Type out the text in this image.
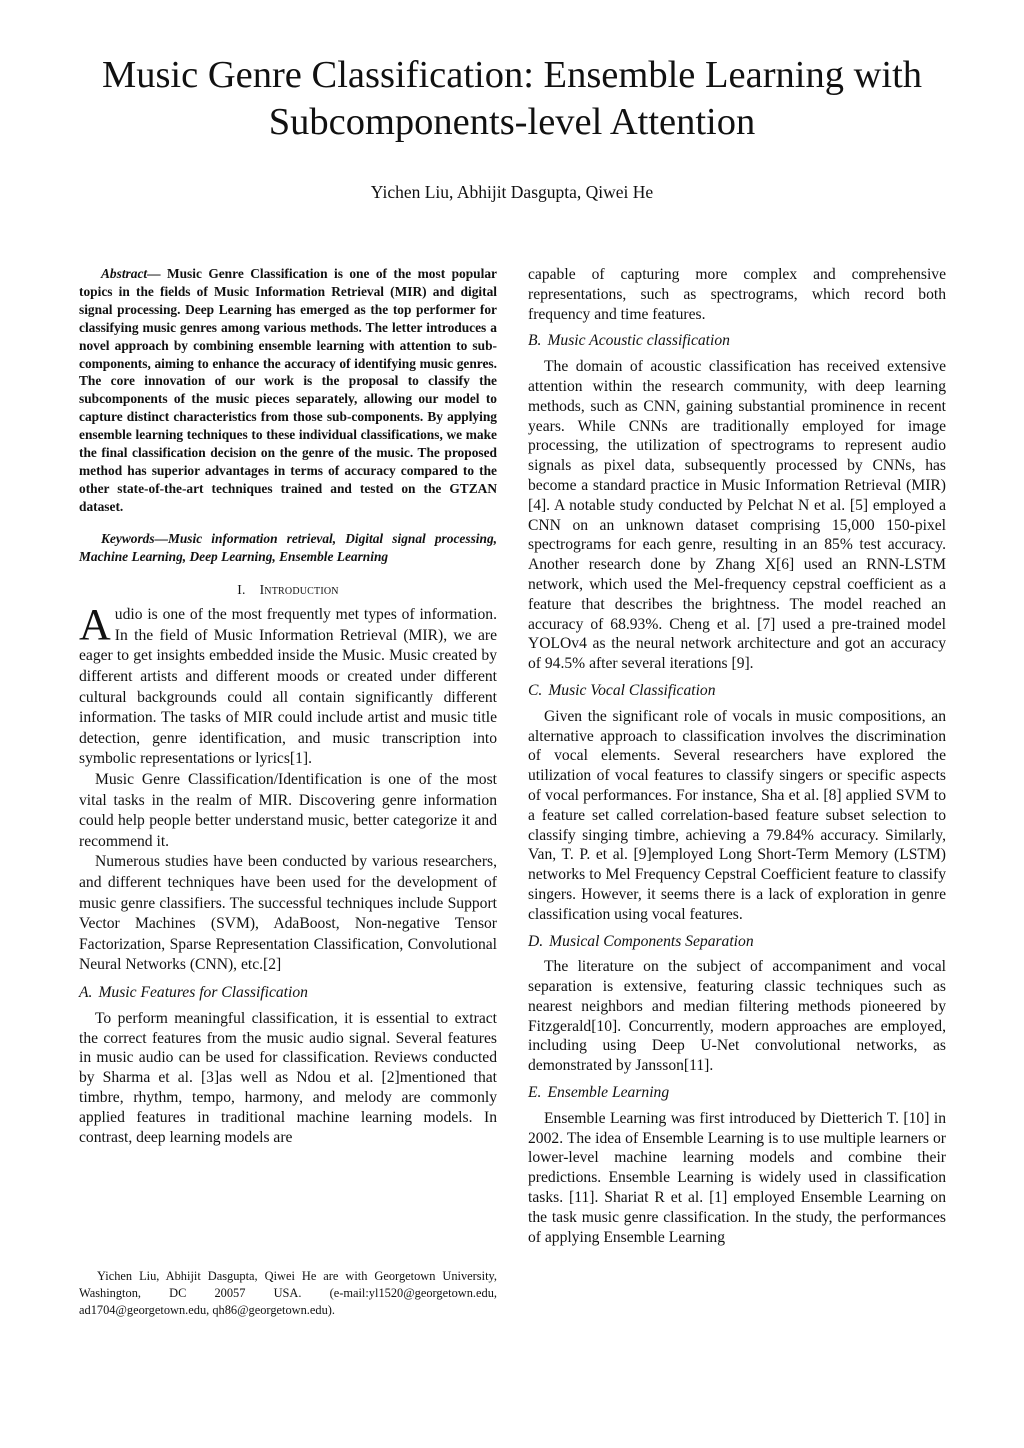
Music Genre Classification: Ensemble Learning with Subcomponents-level Attention
Yichen Liu, Abhijit Dasgupta, Qiwei He

Abstract— Music Genre Classification is one of the most popular topics in the fields of Music Information Retrieval (MIR) and digital signal processing. Deep Learning has emerged as the top performer for classifying music genres among various methods. The letter introduces a novel approach by combining ensemble learning with attention to sub-components, aiming to enhance the accuracy of identifying music genres. The core innovation of our work is the proposal to classify the subcomponents of the music pieces separately, allowing our model to capture distinct characteristics from those sub-components. By applying ensemble learning techniques to these individual classifications, we make the final classification decision on the genre of the music. The proposed method has superior advantages in terms of accuracy compared to the other state-of-the-art techniques trained and tested on the GTZAN dataset.

Keywords—Music information retrieval, Digital signal processing, Machine Learning, Deep Learning, Ensemble Learning

I. Introduction

Audio is one of the most frequently met types of information. In the field of Music Information Retrieval (MIR), we are eager to get insights embedded inside the Music. Music created by different artists and different moods or created under different cultural backgrounds could all contain significantly different information. The tasks of MIR could include artist and music title detection, genre identification, and music transcription into symbolic representations or lyrics[1].

Music Genre Classification/Identification is one of the most vital tasks in the realm of MIR. Discovering genre information could help people better understand music, better categorize it and recommend it.

Numerous studies have been conducted by various researchers, and different techniques have been used for the development of music genre classifiers. The successful techniques include Support Vector Machines (SVM), AdaBoost, Non-negative Tensor Factorization, Sparse Representation Classification, Convolutional Neural Networks (CNN), etc.[2]

A. Music Features for Classification

To perform meaningful classification, it is essential to extract the correct features from the music audio signal. Several features in music audio can be used for classification. Reviews conducted by Sharma et al. [3]as well as Ndou et al. [2]mentioned that timbre, rhythm, tempo, harmony, and melody are commonly applied features in traditional machine learning models. In contrast, deep learning models are

Yichen Liu, Abhijit Dasgupta, Qiwei He are with Georgetown University, Washington, DC 20057 USA. (e-mail:yl1520@georgetown.edu, ad1704@georgetown.edu, qh86@georgetown.edu).

capable of capturing more complex and comprehensive representations, such as spectrograms, which record both frequency and time features.

B. Music Acoustic classification

The domain of acoustic classification has received extensive attention within the research community, with deep learning methods, such as CNN, gaining substantial prominence in recent years. While CNNs are traditionally employed for image processing, the utilization of spectrograms to represent audio signals as pixel data, subsequently processed by CNNs, has become a standard practice in Music Information Retrieval (MIR)[4]. A notable study conducted by Pelchat N et al. [5] employed a CNN on an unknown dataset comprising 15,000 150-pixel spectrograms for each genre, resulting in an 85% test accuracy. Another research done by Zhang X[6] used an RNN-LSTM network, which used the Mel-frequency cepstral coefficient as a feature that describes the brightness. The model reached an accuracy of 68.93%. Cheng et al. [7] used a pre-trained model YOLOv4 as the neural network architecture and got an accuracy of 94.5% after several iterations [9].

C. Music Vocal Classification

Given the significant role of vocals in music compositions, an alternative approach to classification involves the discrimination of vocal elements. Several researchers have explored the utilization of vocal features to classify singers or specific aspects of vocal performances. For instance, Sha et al. [8] applied SVM to a feature set called correlation-based feature subset selection to classify singing timbre, achieving a 79.84% accuracy. Similarly, Van, T. P. et al. [9]employed Long Short-Term Memory (LSTM) networks to Mel Frequency Cepstral Coefficient feature to classify singers. However, it seems there is a lack of exploration in genre classification using vocal features.

D. Musical Components Separation

The literature on the subject of accompaniment and vocal separation is extensive, featuring classic techniques such as nearest neighbors and median filtering methods pioneered by Fitzgerald[10]. Concurrently, modern approaches are employed, including using Deep U-Net convolutional networks, as demonstrated by Jansson[11].

E. Ensemble Learning

Ensemble Learning was first introduced by Dietterich T. [10] in 2002. The idea of Ensemble Learning is to use multiple learners or lower-level machine learning models and combine their predictions. Ensemble Learning is widely used in classification tasks. [11]. Shariat R et al. [1] employed Ensemble Learning on the task music genre classification. In the study, the performances of applying Ensemble Learning
